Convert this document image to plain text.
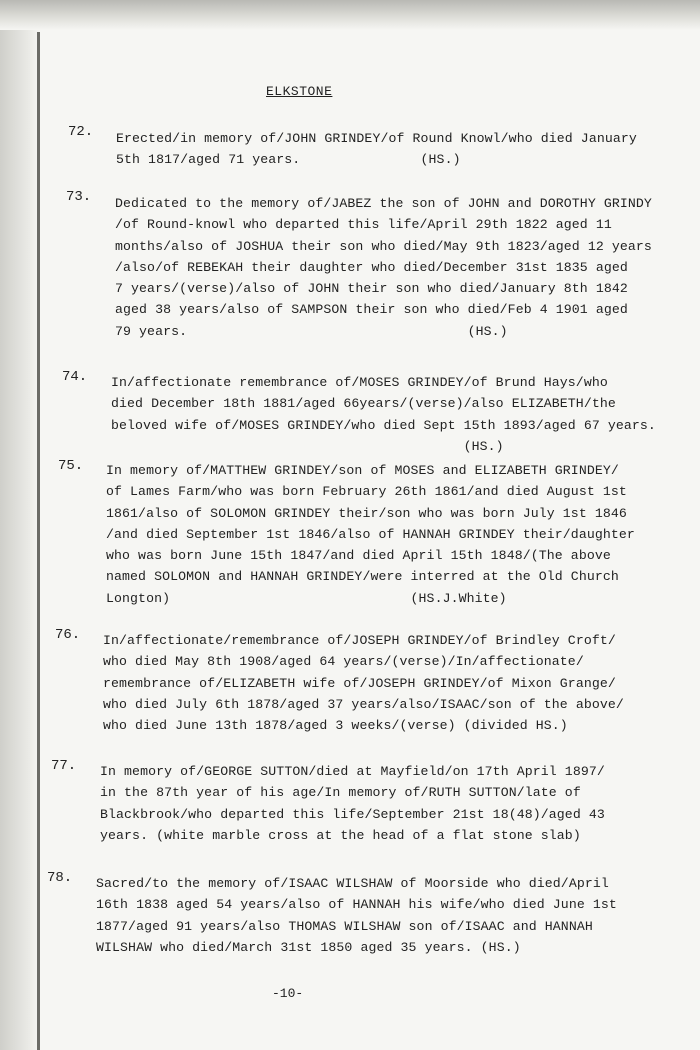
ELKSTONE
72. Erected/in memory of/JOHN GRINDEY/of Round Knowl/who died January
5th 1817/aged 71 years.               (HS.)
73. Dedicated to the memory of/JABEZ the son of JOHN and DOROTHY GRINDY
/of Round-knowl who departed this life/April 29th 1822 aged 11
months/also of JOSHUA their son who died/May 9th 1823/aged 12 years
/also/of REBEKAH their daughter who died/December 31st 1835 aged
7 years/(verse)/also of JOHN their son who died/January 8th 1842
aged 38 years/also of SAMPSON their son who died/Feb 4 1901 aged
79 years.                                   (HS.)
74. In/affectionate remembrance of/MOSES GRINDEY/of Brund Hays/who
died December 18th 1881/aged 66years/(verse)/also ELIZABETH/the
beloved wife of/MOSES GRINDEY/who died Sept 15th 1893/aged 67 years.
(HS.)
75. In memory of/MATTHEW GRINDEY/son of MOSES and ELIZABETH GRINDEY/
of Lames Farm/who was born February 26th 1861/and died August 1st
1861/also of SOLOMON GRINDEY their/son who was born July 1st 1846
/and died September 1st 1846/also of HANNAH GRINDEY their/daughter
who was born June 15th 1847/and died April 15th 1848/(The above
named SOLOMON and HANNAH GRINDEY/were interred at the Old Church
Longton)                              (HS.J.White)
76. In/affectionate/remembrance of/JOSEPH GRINDEY/of Brindley Croft/
who died May 8th 1908/aged 64 years/(verse)/In/affectionate/
remembrance of/ELIZABETH wife of/JOSEPH GRINDEY/of Mixon Grange/
who died July 6th 1878/aged 37 years/also/ISAAC/son of the above/
who died June 13th 1878/aged 3 weeks/(verse) (divided HS.)
77. In memory of/GEORGE SUTTON/died at Mayfield/on 17th April 1897/
in the 87th year of his age/In memory of/RUTH SUTTON/late of
Blackbrook/who departed this life/September 21st 18(48)/aged 43
years. (white marble cross at the head of a flat stone slab)
78. Sacred/to the memory of/ISAAC WILSHAW of Moorside who died/April
16th 1838 aged 54 years/also of HANNAH his wife/who died June 1st
1877/aged 91 years/also THOMAS WILSHAW son of/ISAAC and HANNAH
WILSHAW who died/March 31st 1850 aged 35 years. (HS.)
-10-
